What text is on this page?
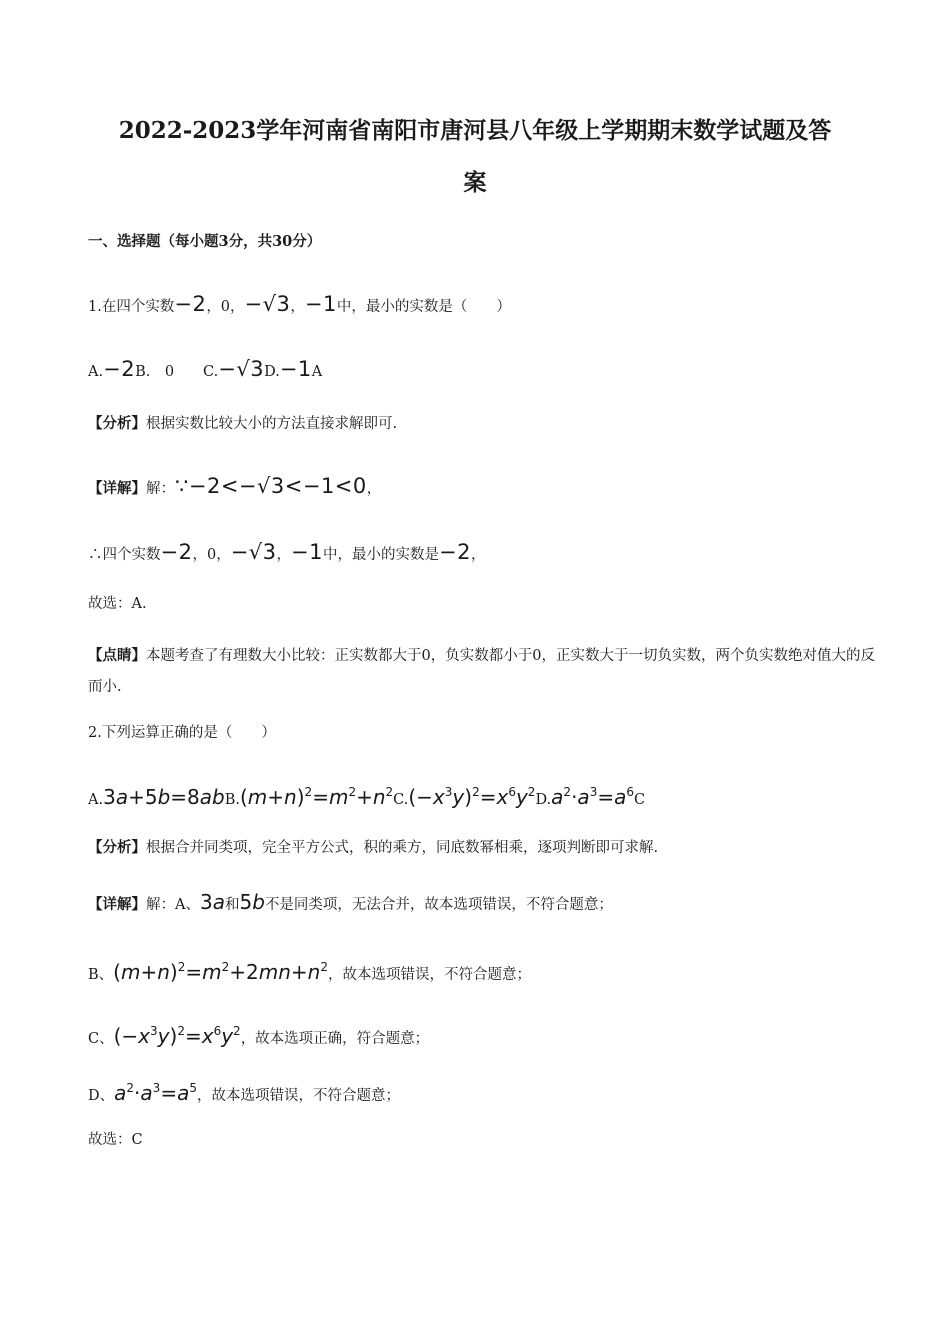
2022-2023学年河南省南阳市唐河县八年级上学期期末数学试题及答
案
一、选择题（每小题3分，共30分）
1.在四个实数−2，0，−√3，−1中，最小的实数是（　　）
A.−2B.　0　　C.−√3D.−1A
【分析】根据实数比较大小的方法直接求解即可.
【详解】解：∵−2<−√3<−1<0，
∴四个实数−2，0，−√3，−1中，最小的实数是−2，
故选：A.
【点睛】本题考查了有理数大小比较：正实数都大于0，负实数都小于0，正实数大于一切负实数，两个负实数绝对值大的反而小.
2.下列运算正确的是（　　）
$A.3a+5b=8abB.(m+n)^2=m^2+n^2C.(-x^3y)^2=x^6y^2D.a^2\cdot a^3=a^6C$
【分析】根据合并同类项，完全平方公式，积的乘方，同底数幂相乘，逐项判断即可求解.
【详解】解：A、3a和5b不是同类项，无法合并，故本选项错误，不符合题意；
B、$(m+n)^2=m^2+2mn+n^2$，故本选项错误，不符合题意；
C、$(-x^3y)^2=x^6y^2$，故本选项正确，符合题意；
D、$a^2\cdot a^3=a^5$，故本选项错误，不符合题意；
故选：C
